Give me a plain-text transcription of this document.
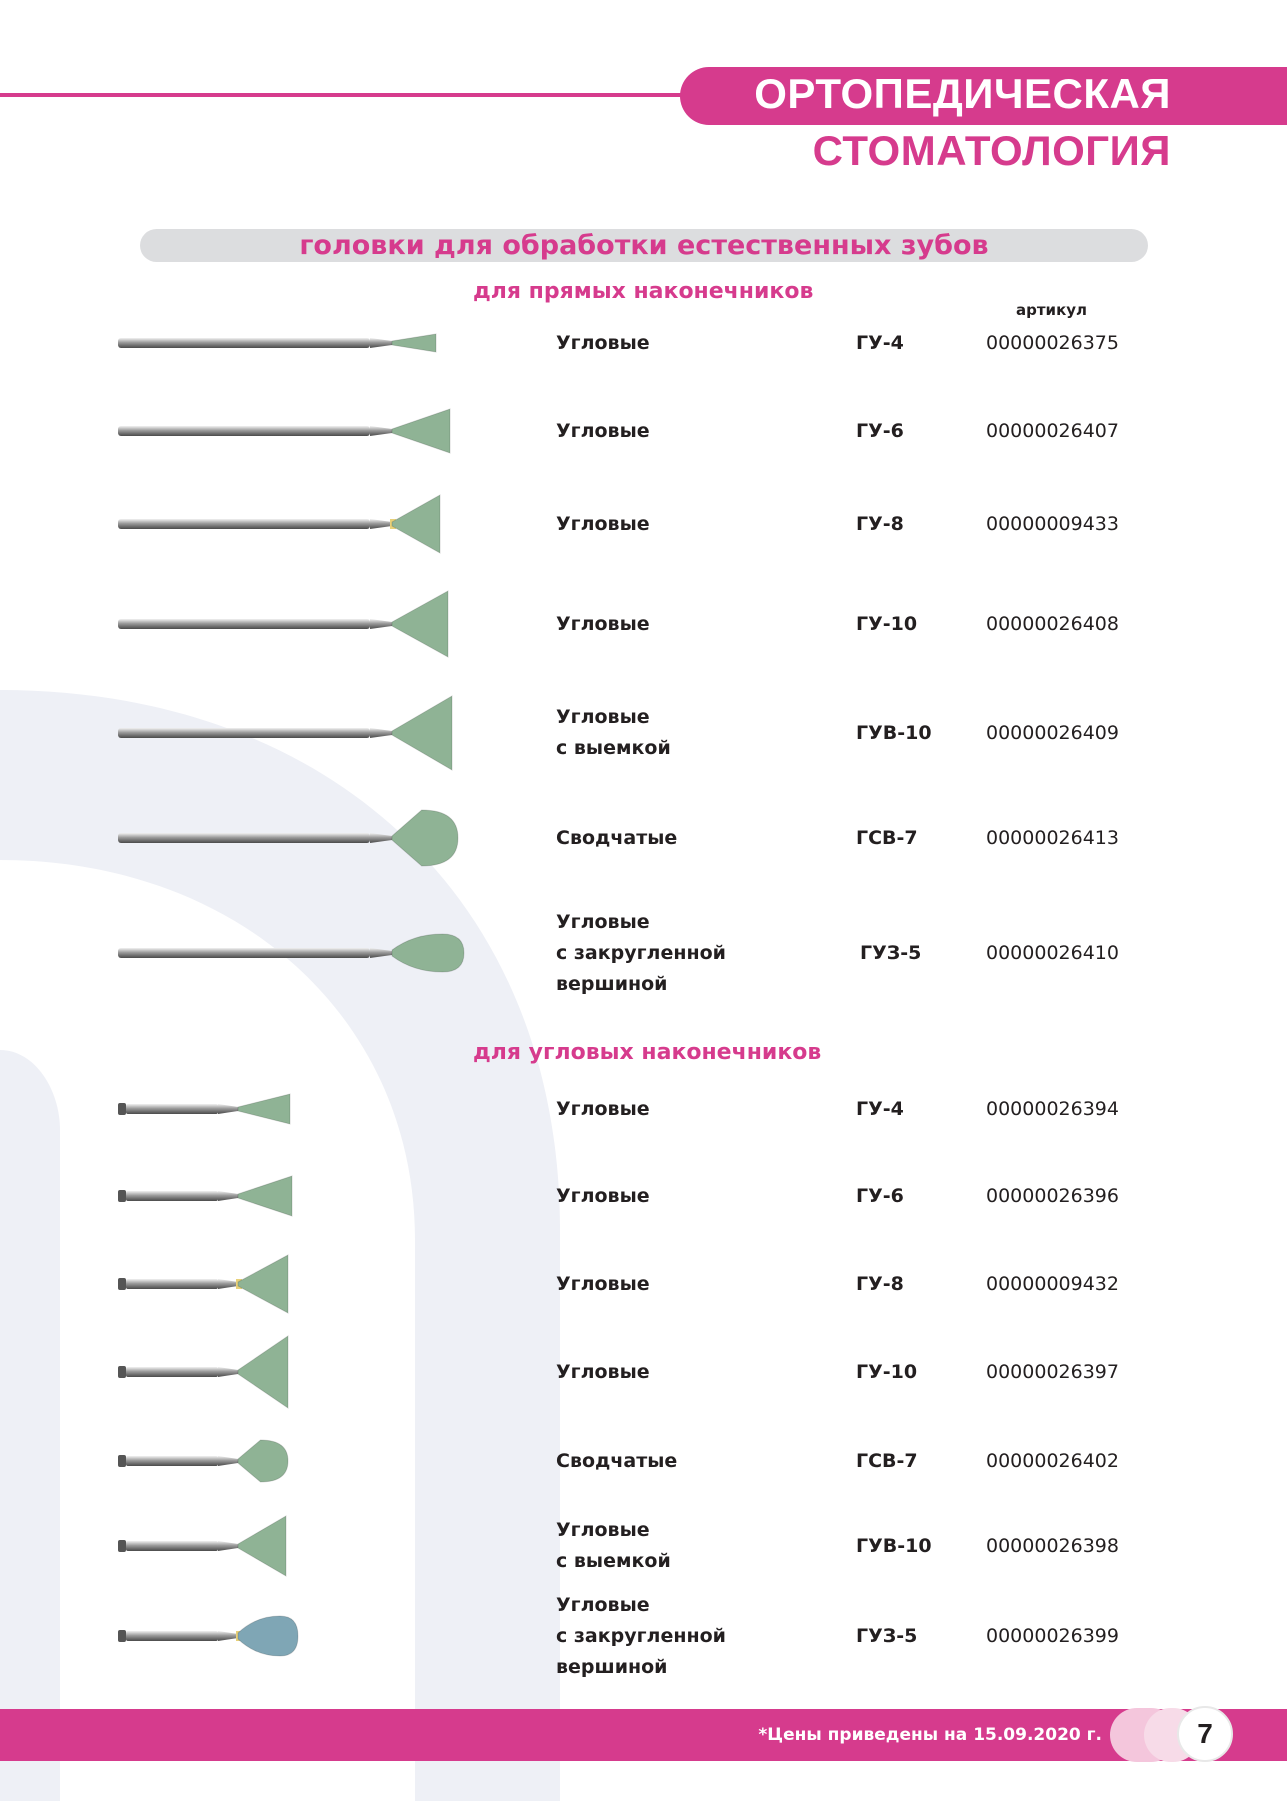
ОРТОПЕДИЧЕСКАЯ
СТОМАТОЛОГИЯ
головки для обработки естественных зубов
для прямых наконечников
артикул
для угловых наконечников
Угловые	ГУ-4	00000026375
Угловые	ГУ-6	00000026407
Угловые	ГУ-8	00000009433
Угловые	ГУ-10	00000026408
Угловые
с выемкой
ГУВ-10	00000026409
Сводчатые	ГСВ-7	00000026413
Угловые
с закругленной
вершиной
ГУЗ-5	00000026410
Угловые	ГУ-4	00000026394
Угловые	ГУ-6	00000026396
Угловые	ГУ-8	00000009432
Угловые	ГУ-10	00000026397
Сводчатые	ГСВ-7	00000026402
Угловые
с выемкой
ГУВ-10	00000026398
Угловые
с закругленной
вершиной
ГУЗ-5	00000026399
*Цены приведены на 15.09.2020 г.	7
